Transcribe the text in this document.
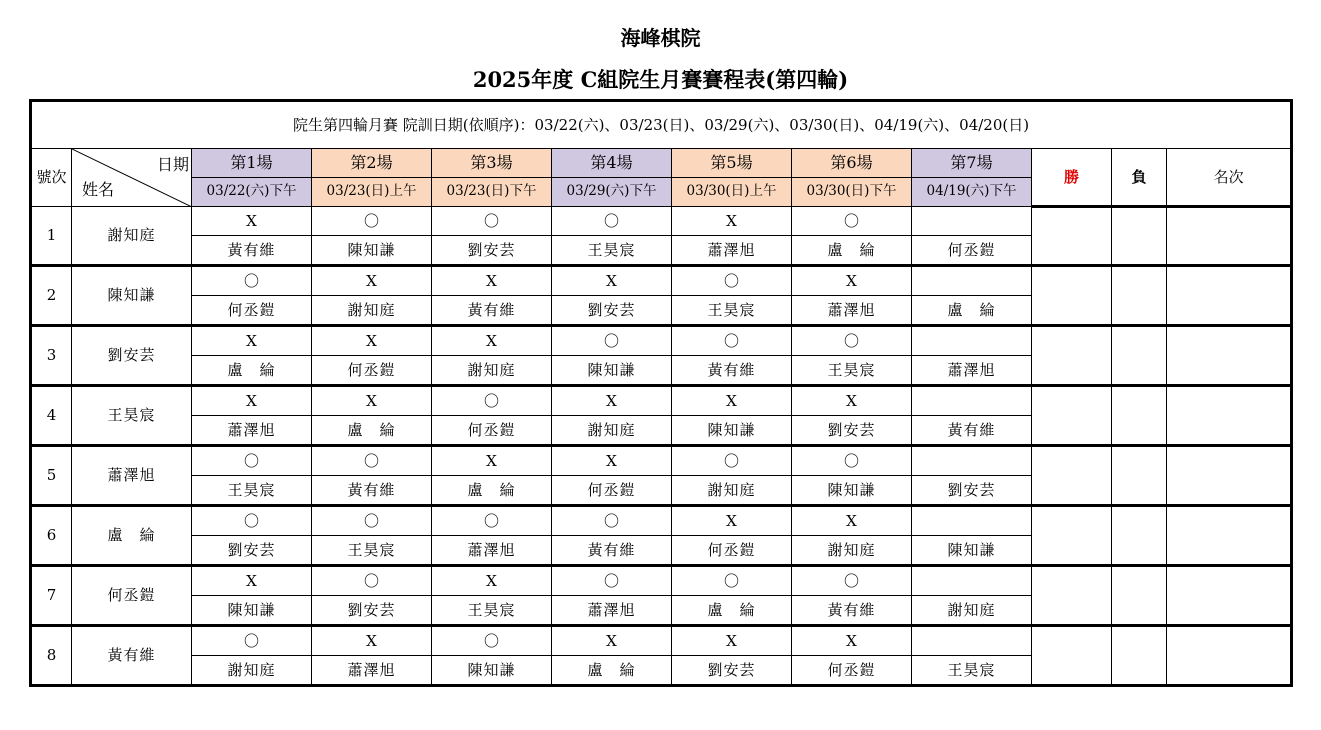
海峰棋院
2025年度 C組院生月賽賽程表(第四輪)
院生第四輪月賽 院訓日期(依順序)：03/22(六)、03/23(日)、03/29(六)、03/30(日)、04/19(六)、04/20(日)											
號次	日期
姓名	第1場	第2場	第3場	第4場	第5場	第6場	第7場	勝	負	名次
		03/22(六)下午	03/23(日)上午	03/23(日)下午	03/29(六)下午	03/30(日)上午	03/30(日)下午	04/19(六)下午			
1	謝知庭	X	〇	〇	〇	X	〇				
		黃有維	陳知謙	劉安芸	王昊宸	蕭澤旭	盧　綸	何丞鎧			
2	陳知謙	〇	X	X	X	〇	X				
		何丞鎧	謝知庭	黃有維	劉安芸	王昊宸	蕭澤旭	盧　綸			
3	劉安芸	X	X	X	〇	〇	〇				
		盧　綸	何丞鎧	謝知庭	陳知謙	黃有維	王昊宸	蕭澤旭			
4	王昊宸	X	X	〇	X	X	X				
		蕭澤旭	盧　綸	何丞鎧	謝知庭	陳知謙	劉安芸	黃有維			
5	蕭澤旭	〇	〇	X	X	〇	〇				
		王昊宸	黃有維	盧　綸	何丞鎧	謝知庭	陳知謙	劉安芸			
6	盧　綸	〇	〇	〇	〇	X	X				
		劉安芸	王昊宸	蕭澤旭	黃有維	何丞鎧	謝知庭	陳知謙			
7	何丞鎧	X	〇	X	〇	〇	〇				
		陳知謙	劉安芸	王昊宸	蕭澤旭	盧　綸	黃有維	謝知庭			
8	黃有維	〇	X	〇	X	X	X				
		謝知庭	蕭澤旭	陳知謙	盧　綸	劉安芸	何丞鎧	王昊宸			
